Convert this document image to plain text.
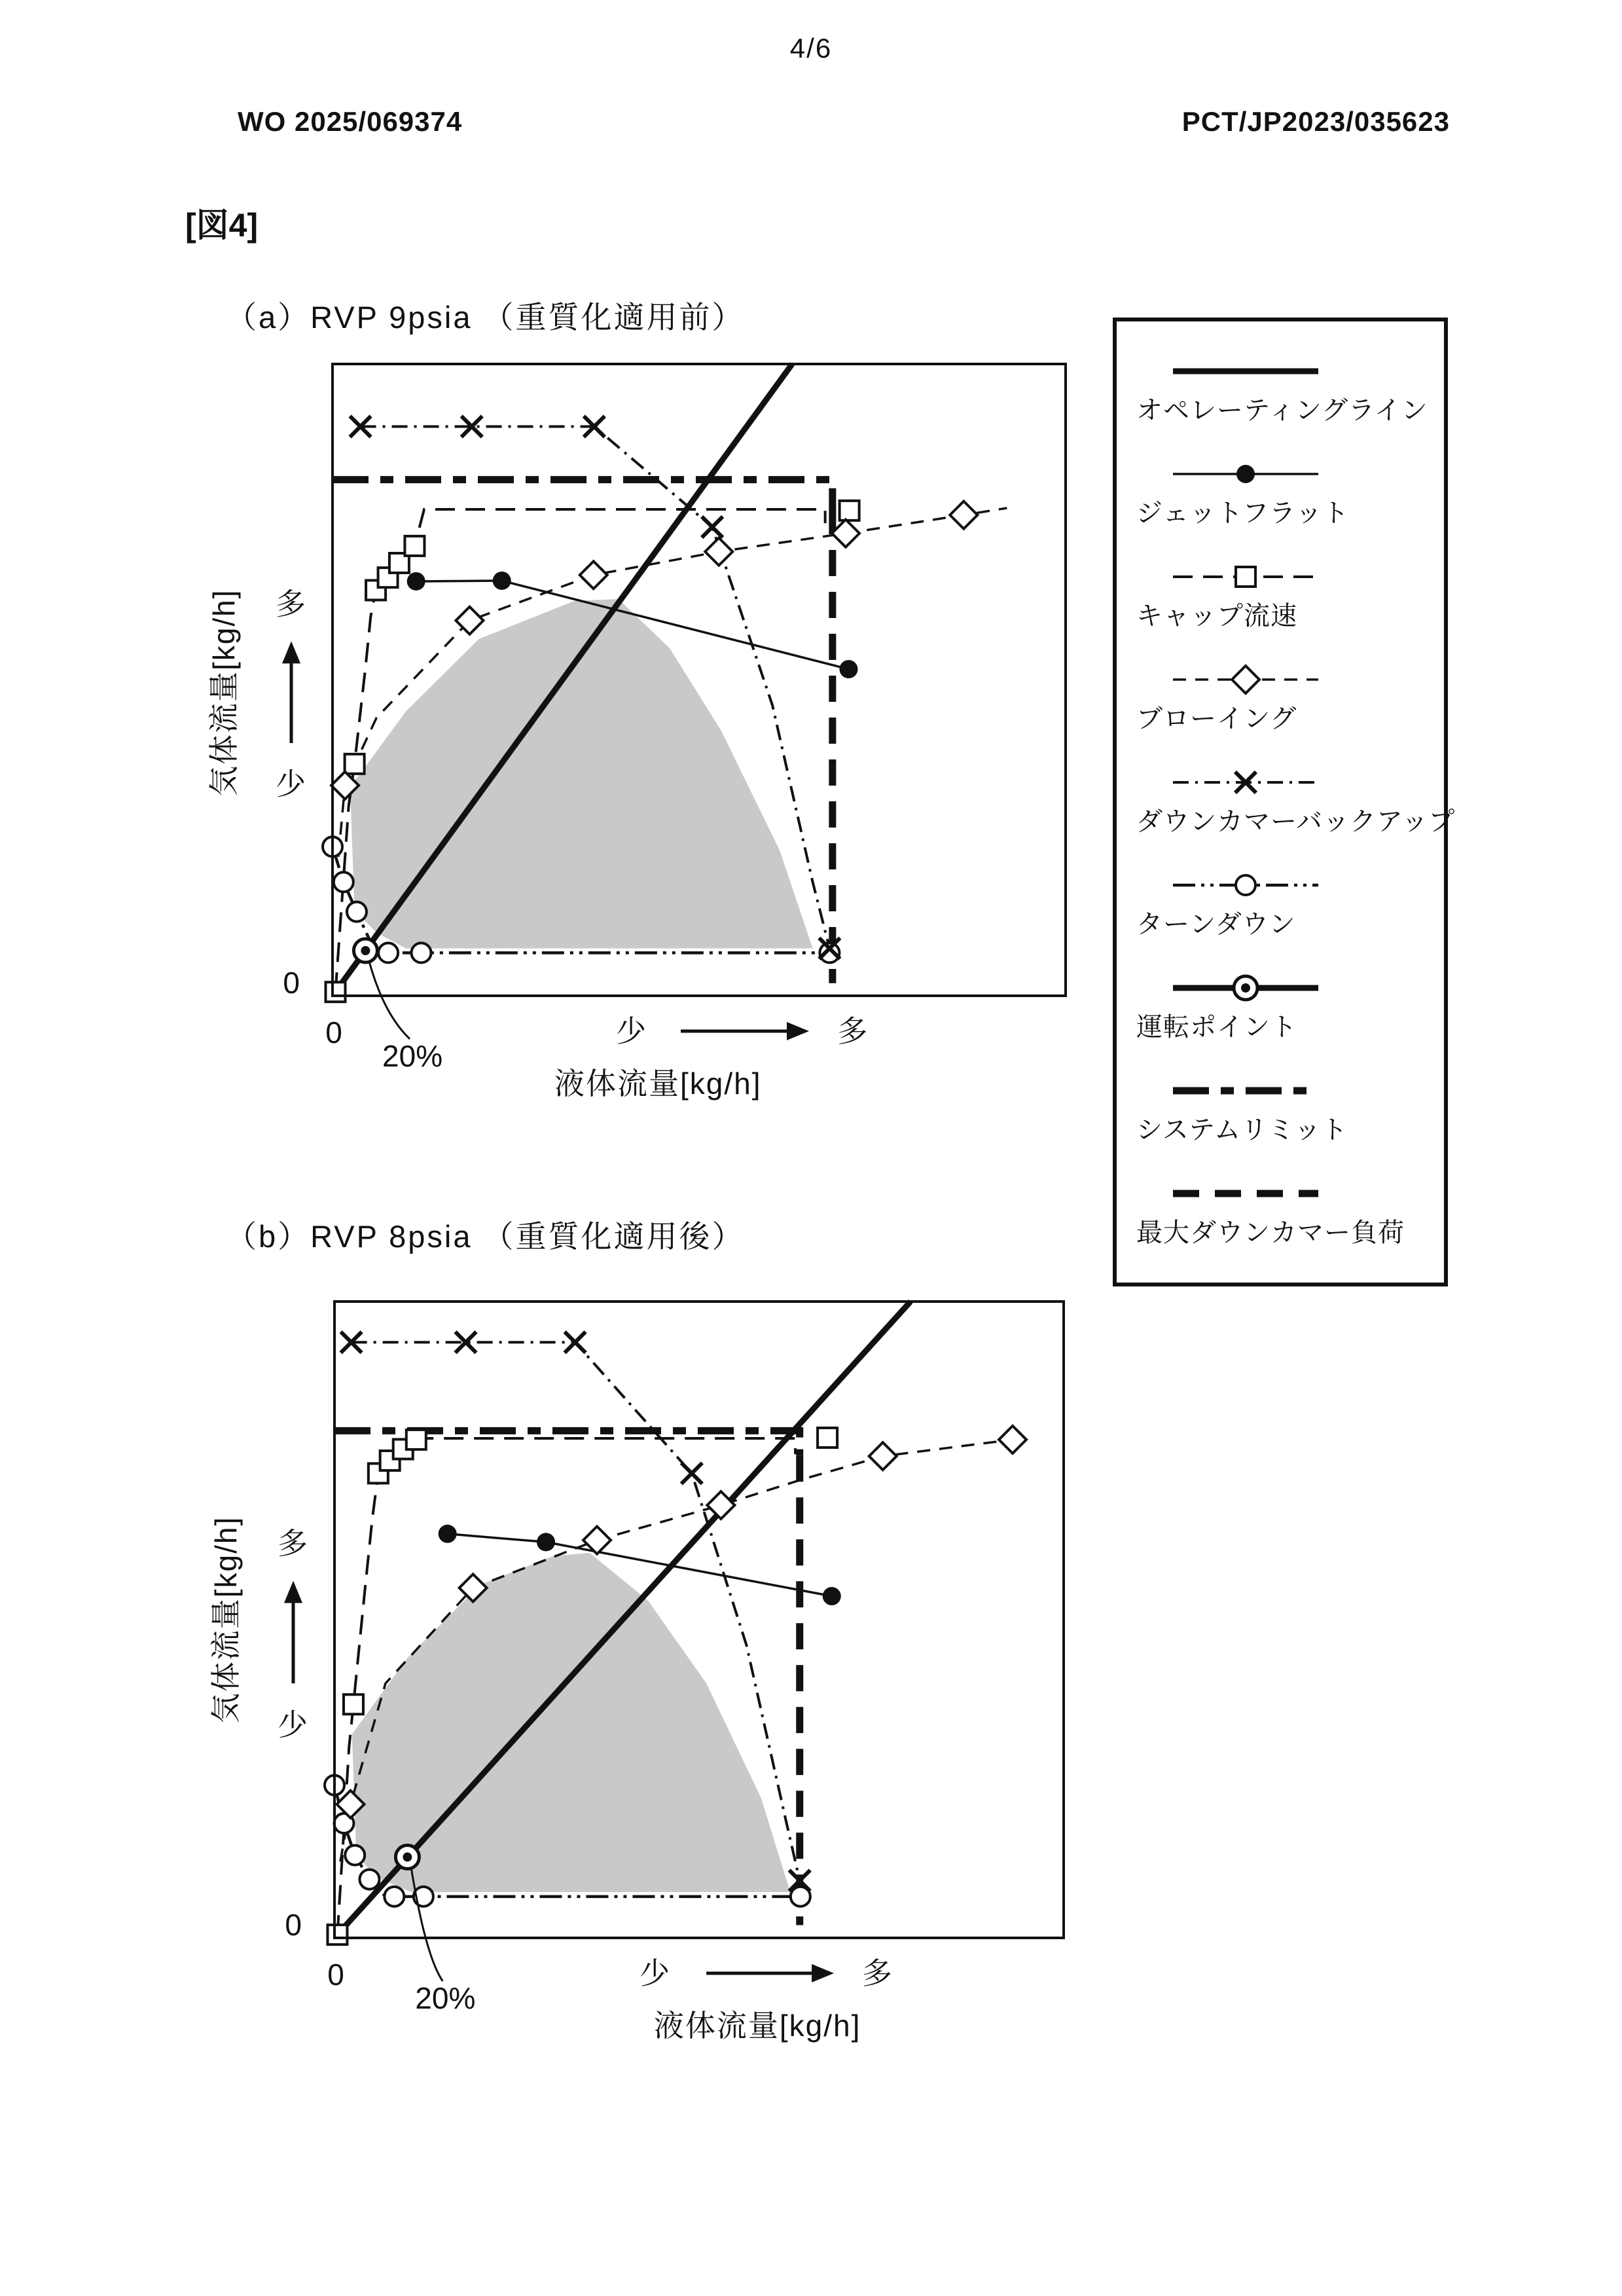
4/6
WO 2025/069374	PCT/JP2023/035623
[図4]
（a）RVP 9psia （重質化適用前）
（b）RVP 8psia （重質化適用後）
0
0
20%
少	多
液体流量[kg/h]
多
少
気体流量[kg/h]
0
0
20%
少	多
液体流量[kg/h]
多
少
気体流量[kg/h]
オペレーティングライン
ジェットフラット
キャップ流速
ブローイング
ダウンカマーバックアップ
ターンダウン
運転ポイント
システムリミット
最大ダウンカマー負荷
